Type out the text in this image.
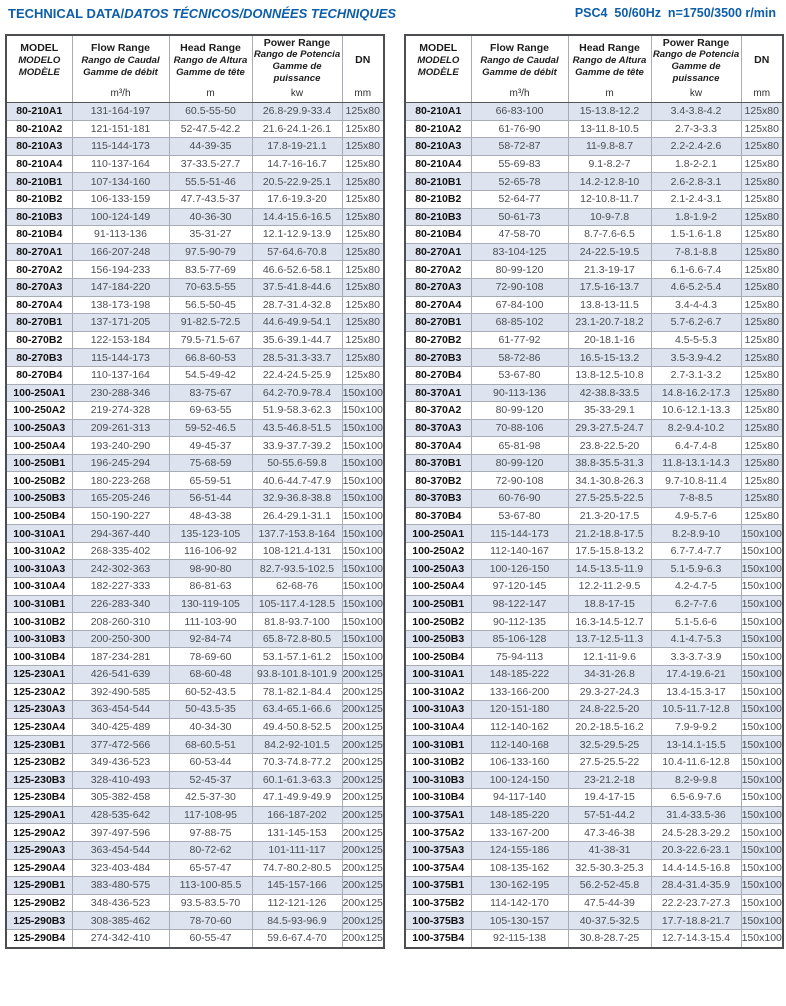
TECHNICAL DATA/DATOS TÉCNICOS/DONNÉES TECHNIQUES	PSC4  50/60Hz  n=1750/3500 r/min
MODEL
MODELO
MODÈLE

Flow Range
Rango de Caudal
Gamme de débit
m³/h

Head Range
Rango de Altura
Gamme de tête
m

Power Range
Rango de Potencia
Gamme de puissance
kw

DN
mm

80-210A1	131-164-197	60.5-55-50	26.8-29.9-33.4	125x80
80-210A2	121-151-181	52-47.5-42.2	21.6-24.1-26.1	125x80
80-210A3	115-144-173	44-39-35	17.8-19-21.1	125x80
80-210A4	110-137-164	37-33.5-27.7	14.7-16-16.7	125x80
80-210B1	107-134-160	55.5-51-46	20.5-22.9-25.1	125x80
80-210B2	106-133-159	47.7-43.5-37	17.6-19.3-20	125x80
80-210B3	100-124-149	40-36-30	14.4-15.6-16.5	125x80
80-210B4	91-113-136	35-31-27	12.1-12.9-13.9	125x80
80-270A1	166-207-248	97.5-90-79	57-64.6-70.8	125x80
80-270A2	156-194-233	83.5-77-69	46.6-52.6-58.1	125x80
80-270A3	147-184-220	70-63.5-55	37.5-41.8-44.6	125x80
80-270A4	138-173-198	56.5-50-45	28.7-31.4-32.8	125x80
80-270B1	137-171-205	91-82.5-72.5	44.6-49.9-54.1	125x80
80-270B2	122-153-184	79.5-71.5-67	35.6-39.1-44.7	125x80
80-270B3	115-144-173	66.8-60-53	28.5-31.3-33.7	125x80
80-270B4	110-137-164	54.5-49-42	22.4-24.5-25.9	125x80
100-250A1	230-288-346	83-75-67	64.2-70.9-78.4	150x100
100-250A2	219-274-328	69-63-55	51.9-58.3-62.3	150x100
100-250A3	209-261-313	59-52-46.5	43.5-46.8-51.5	150x100
100-250A4	193-240-290	49-45-37	33.9-37.7-39.2	150x100
100-250B1	196-245-294	75-68-59	50-55.6-59.8	150x100
100-250B2	180-223-268	65-59-51	40.6-44.7-47.9	150x100
100-250B3	165-205-246	56-51-44	32.9-36.8-38.8	150x100
100-250B4	150-190-227	48-43-38	26.4-29.1-31.1	150x100
100-310A1	294-367-440	135-123-105	137.7-153.8-164	150x100
100-310A2	268-335-402	116-106-92	108-121.4-131	150x100
100-310A3	242-302-363	98-90-80	82.7-93.5-102.5	150x100
100-310A4	182-227-333	86-81-63	62-68-76	150x100
100-310B1	226-283-340	130-119-105	105-117.4-128.5	150x100
100-310B2	208-260-310	111-103-90	81.8-93.7-100	150x100
100-310B3	200-250-300	92-84-74	65.8-72.8-80.5	150x100
100-310B4	187-234-281	78-69-60	53.1-57.1-61.2	150x100
125-230A1	426-541-639	68-60-48	93.8-101.8-101.9	200x125
125-230A2	392-490-585	60-52-43.5	78.1-82.1-84.4	200x125
125-230A3	363-454-544	50-43.5-35	63.4-65.1-66.6	200x125
125-230A4	340-425-489	40-34-30	49.4-50.8-52.5	200x125
125-230B1	377-472-566	68-60.5-51	84.2-92-101.5	200x125
125-230B2	349-436-523	60-53-44	70.3-74.8-77.2	200x125
125-230B3	328-410-493	52-45-37	60.1-61.3-63.3	200x125
125-230B4	305-382-458	42.5-37-30	47.1-49.9-49.9	200x125
125-290A1	428-535-642	117-108-95	166-187-202	200x125
125-290A2	397-497-596	97-88-75	131-145-153	200x125
125-290A3	363-454-544	80-72-62	101-111-117	200x125
125-290A4	323-403-484	65-57-47	74.7-80.2-80.5	200x125
125-290B1	383-480-575	113-100-85.5	145-157-166	200x125
125-290B2	348-436-523	93.5-83.5-70	112-121-126	200x125
125-290B3	308-385-462	78-70-60	84.5-93-96.9	200x125
125-290B4	274-342-410	60-55-47	59.6-67.4-70	200x125
MODEL
MODELO
MODÈLE

Flow Range
Rango de Caudal
Gamme de débit
m³/h

Head Range
Rango de Altura
Gamme de tête
m

Power Range
Rango de Potencia
Gamme de puissance
kw

DN
mm

80-210A1	66-83-100	15-13.8-12.2	3.4-3.8-4.2	125x80
80-210A2	61-76-90	13-11.8-10.5	2.7-3-3.3	125x80
80-210A3	58-72-87	11-9.8-8.7	2.2-2.4-2.6	125x80
80-210A4	55-69-83	9.1-8.2-7	1.8-2-2.1	125x80
80-210B1	52-65-78	14.2-12.8-10	2.6-2.8-3.1	125x80
80-210B2	52-64-77	12-10.8-11.7	2.1-2.4-3.1	125x80
80-210B3	50-61-73	10-9-7.8	1.8-1.9-2	125x80
80-210B4	47-58-70	8.7-7.6-6.5	1.5-1.6-1.8	125x80
80-270A1	83-104-125	24-22.5-19.5	7-8.1-8.8	125x80
80-270A2	80-99-120	21.3-19-17	6.1-6.6-7.4	125x80
80-270A3	72-90-108	17.5-16-13.7	4.6-5.2-5.4	125x80
80-270A4	67-84-100	13.8-13-11.5	3.4-4-4.3	125x80
80-270B1	68-85-102	23.1-20.7-18.2	5.7-6.2-6.7	125x80
80-270B2	61-77-92	20-18.1-16	4.5-5-5.3	125x80
80-270B3	58-72-86	16.5-15-13.2	3.5-3.9-4.2	125x80
80-270B4	53-67-80	13.8-12.5-10.8	2.7-3.1-3.2	125x80
80-370A1	90-113-136	42-38.8-33.5	14.8-16.2-17.3	125x80
80-370A2	80-99-120	35-33-29.1	10.6-12.1-13.3	125x80
80-370A3	70-88-106	29.3-27.5-24.7	8.2-9.4-10.2	125x80
80-370A4	65-81-98	23.8-22.5-20	6.4-7.4-8	125x80
80-370B1	80-99-120	38.8-35.5-31.3	11.8-13.1-14.3	125x80
80-370B2	72-90-108	34.1-30.8-26.3	9.7-10.8-11.4	125x80
80-370B3	60-76-90	27.5-25.5-22.5	7-8-8.5	125x80
80-370B4	53-67-80	21.3-20-17.5	4.9-5.7-6	125x80
100-250A1	115-144-173	21.2-18.8-17.5	8.2-8.9-10	150x100
100-250A2	112-140-167	17.5-15.8-13.2	6.7-7.4-7.7	150x100
100-250A3	100-126-150	14.5-13.5-11.9	5.1-5.9-6.3	150x100
100-250A4	97-120-145	12.2-11.2-9.5	4.2-4.7-5	150x100
100-250B1	98-122-147	18.8-17-15	6.2-7-7.6	150x100
100-250B2	90-112-135	16.3-14.5-12.7	5.1-5.6-6	150x100
100-250B3	85-106-128	13.7-12.5-11.3	4.1-4.7-5.3	150x100
100-250B4	75-94-113	12.1-11-9.6	3.3-3.7-3.9	150x100
100-310A1	148-185-222	34-31-26.8	17.4-19.6-21	150x100
100-310A2	133-166-200	29.3-27-24.3	13.4-15.3-17	150x100
100-310A3	120-151-180	24.8-22.5-20	10.5-11.7-12.8	150x100
100-310A4	112-140-162	20.2-18.5-16.2	7.9-9-9.2	150x100
100-310B1	112-140-168	32.5-29.5-25	13-14.1-15.5	150x100
100-310B2	106-133-160	27.5-25.5-22	10.4-11.6-12.8	150x100
100-310B3	100-124-150	23-21.2-18	8.2-9-9.8	150x100
100-310B4	94-117-140	19.4-17-15	6.5-6.9-7.6	150x100
100-375A1	148-185-220	57-51-44.2	31.4-33.5-36	150x100
100-375A2	133-167-200	47.3-46-38	24.5-28.3-29.2	150x100
100-375A3	124-155-186	41-38-31	20.3-22.6-23.1	150x100
100-375A4	108-135-162	32.5-30.3-25.3	14.4-14.5-16.8	150x100
100-375B1	130-162-195	56.2-52-45.8	28.4-31.4-35.9	150x100
100-375B2	114-142-170	47.5-44-39	22.2-23.7-27.3	150x100
100-375B3	105-130-157	40-37.5-32.5	17.7-18.8-21.7	150x100
100-375B4	92-115-138	30.8-28.7-25	12.7-14.3-15.4	150x100
